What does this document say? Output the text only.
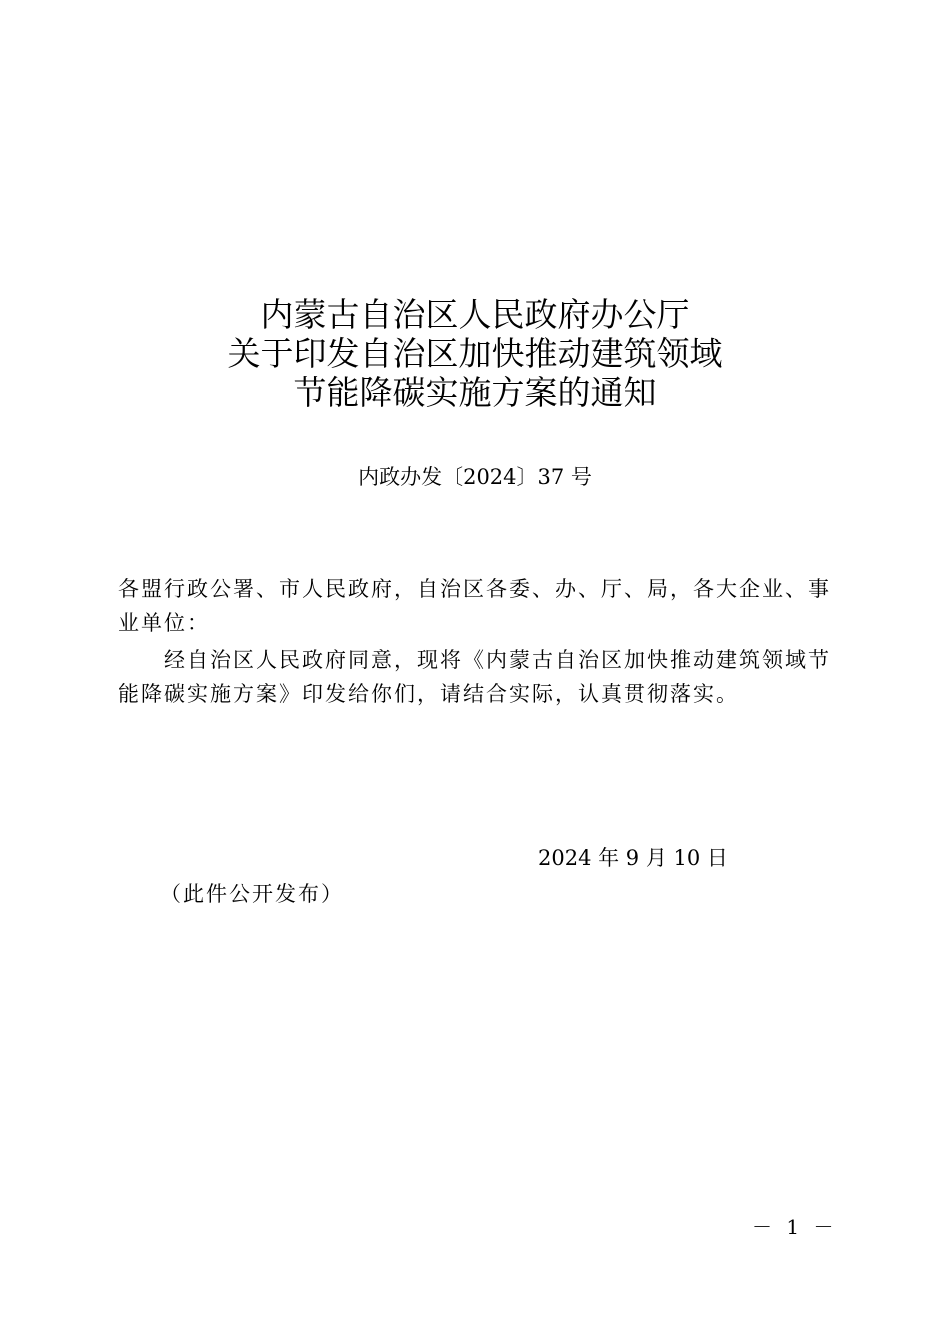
内蒙古自治区人民政府办公厅
关于印发自治区加快推动建筑领域
节能降碳实施方案的通知
内政办发〔2024〕37 号

各盟行政公署、市人民政府，自治区各委、办、厅、局，各大企业、事业单位：

经自治区人民政府同意，现将《内蒙古自治区加快推动建筑领域节能降碳实施方案》印发给你们，请结合实际，认真贯彻落实。

2024 年 9 月 10 日
（此件公开发布）
－ 1 －
